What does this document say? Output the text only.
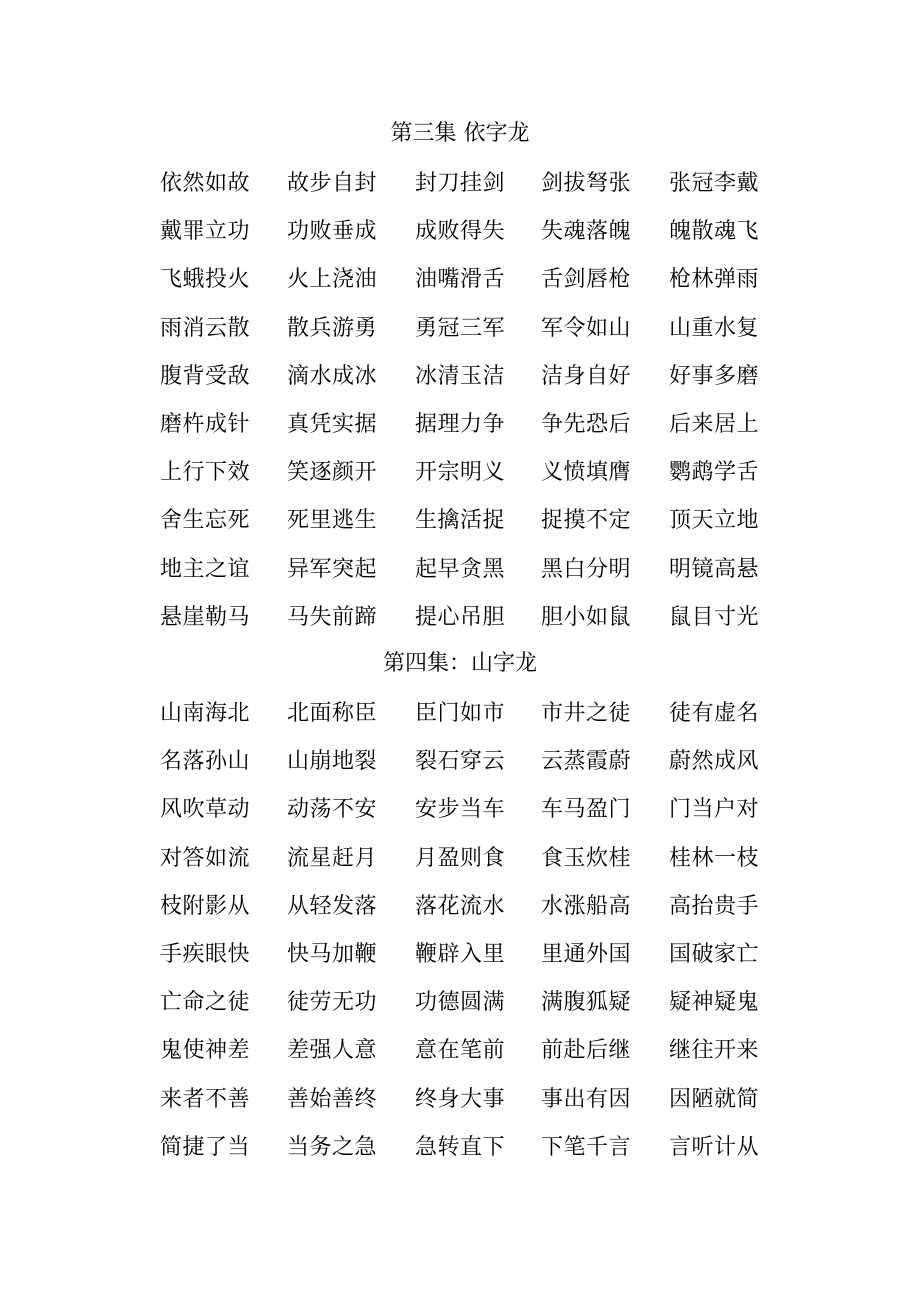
第三集 依字龙
依然如故	故步自封	封刀挂剑	剑拔弩张	张冠李戴
戴罪立功	功败垂成	成败得失	失魂落魄	魄散魂飞
飞蛾投火	火上浇油	油嘴滑舌	舌剑唇枪	枪林弹雨
雨消云散	散兵游勇	勇冠三军	军令如山	山重水复
腹背受敌	滴水成冰	冰清玉洁	洁身自好	好事多磨
磨杵成针	真凭实据	据理力争	争先恐后	后来居上
上行下效	笑逐颜开	开宗明义	义愤填膺	鹦鹉学舌
舍生忘死	死里逃生	生擒活捉	捉摸不定	顶天立地
地主之谊	异军突起	起早贪黑	黑白分明	明镜高悬
悬崖勒马	马失前蹄	提心吊胆	胆小如鼠	鼠目寸光
第四集：山字龙
山南海北	北面称臣	臣门如市	市井之徒	徒有虚名
名落孙山	山崩地裂	裂石穿云	云蒸霞蔚	蔚然成风
风吹草动	动荡不安	安步当车	车马盈门	门当户对
对答如流	流星赶月	月盈则食	食玉炊桂	桂林一枝
枝附影从	从轻发落	落花流水	水涨船高	高抬贵手
手疾眼快	快马加鞭	鞭辟入里	里通外国	国破家亡
亡命之徒	徒劳无功	功德圆满	满腹狐疑	疑神疑鬼
鬼使神差	差强人意	意在笔前	前赴后继	继往开来
来者不善	善始善终	终身大事	事出有因	因陋就简
简捷了当	当务之急	急转直下	下笔千言	言听计从
